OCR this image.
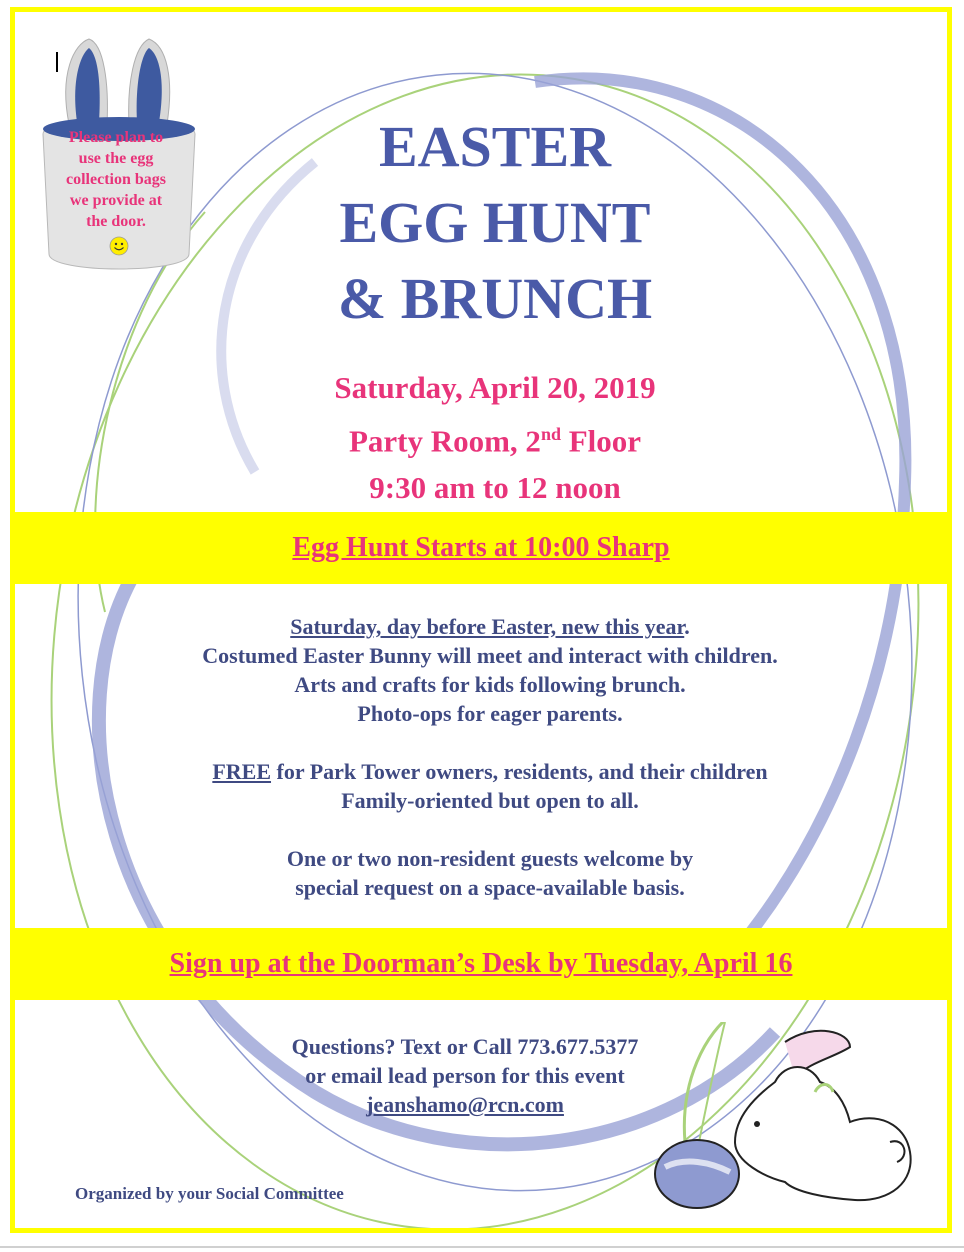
Please plan to
use the egg
collection bags
we provide at
the door.
EASTER
EGG HUNT
& BRUNCH
Saturday, April 20, 2019
Party Room, 2nd Floor
9:30 am to 12 noon
Egg Hunt Starts at 10:00 Sharp
Saturday, day before Easter, new this year.
Costumed Easter Bunny will meet and interact with children.
Arts and crafts for kids following brunch.
Photo-ops for eager parents.
FREE for Park Tower owners, residents, and their children
Family-oriented but open to all.
One or two non-resident guests welcome by
special request on a space-available basis.
Sign up at the Doorman’s Desk by Tuesday, April 16
Questions? Text or Call 773.677.5377
or email lead person for this event
jeanshamo@rcn.com
Organized by your Social Committee
